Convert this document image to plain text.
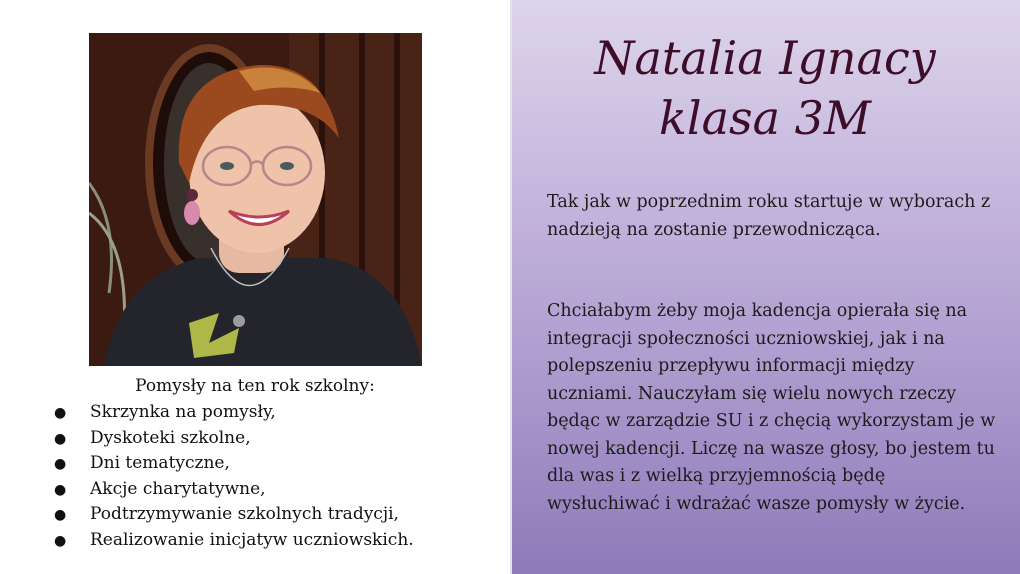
Pomysły na ten rok szkolny:
● Skrzynka na pomysły,
● Dyskoteki szkolne,
● Dni tematyczne,
● Akcje charytatywne,
● Podtrzymywanie szkolnych tradycji,
● Realizowanie inicjatyw uczniowskich.
Natalia Ignacy
klasa 3M

Tak jak w poprzednim roku startuje w wyborach z nadzieją na zostanie przewodnicząca.

Chciałabym żeby moja kadencja opierała się na integracji społeczności uczniowskiej, jak i na polepszeniu przepływu informacji między uczniami. Nauczyłam się wielu nowych rzeczy będąc w zarządzie SU i z chęcią wykorzystam je w nowej kadencji. Liczę na wasze głosy, bo jestem tu dla was i z wielką przyjemnością będę wysłuchiwać i wdrażać wasze pomysły w życie.
